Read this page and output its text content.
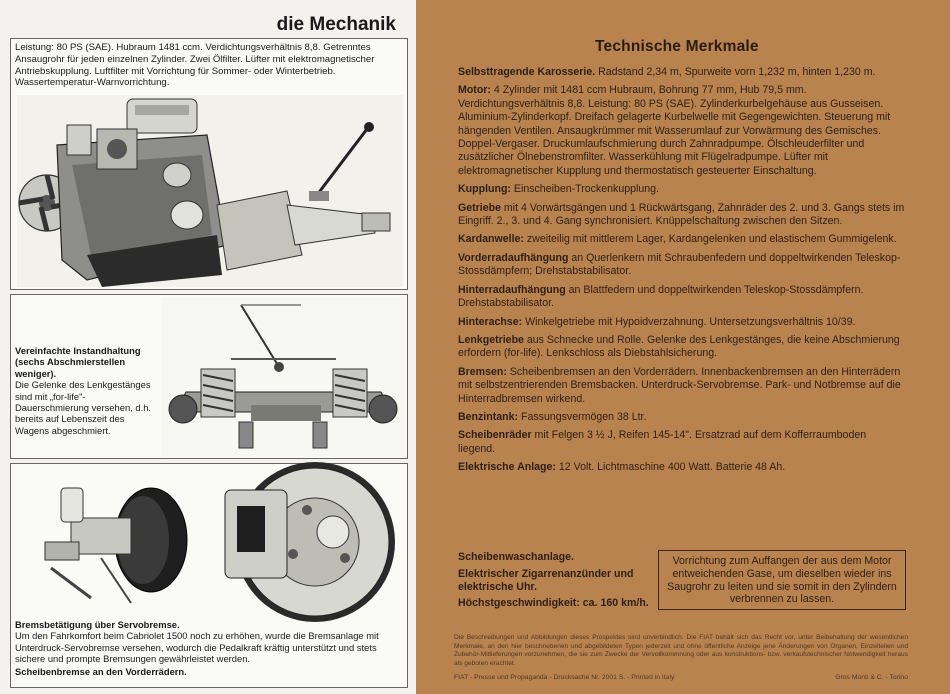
die Mechanik
Leistung: 80 PS (SAE). Hubraum 1481 ccm. Verdichtungsverhältnis 8,8. Getrenntes Ansaugrohr für jeden einzelnen Zylinder. Zwei Ölfilter. Lüfter mit elektromagnetischer Antriebskupplung. Luftfilter mit Vorrichtung für Sommer- oder Winterbetrieb. Wassertemperatur-Warnvorrichtung.
Vereinfachte Instandhaltung (sechs Abschmierstellen weniger).
Die Gelenke des Lenkgestänges sind mit „for-life"-Dauerschmierung versehen, d.h. bereits auf Lebenszeit des Wagens abgeschmiert.
Bremsbetätigung über Servobremse.
Um den Fahrkomfort beim Cabriolet 1500 noch zu erhöhen, wurde die Bremsanlage mit Unterdruck-Servobremse versehen, wodurch die Pedalkraft kräftig unterstützt und stets sichere und prompte Bremsungen gewährleistet werden.
Scheibenbremse an den Vorderrädern.
Technische Merkmale
Selbsttragende Karosserie. Radstand 2,34 m, Spurweite vorn 1,232 m, hinten 1,230 m.
Motor: 4 Zylinder mit 1481 ccm Hubraum, Bohrung 77 mm, Hub 79,5 mm. Verdichtungsverhältnis 8,8. Leistung: 80 PS (SAE). Zylinderkurbelgehäuse aus Gusseisen. Aluminium-Zylinderkopf. Dreifach gelagerte Kurbelwelle mit Gegengewichten. Steuerung mit hängenden Ventilen. Ansaugkrümmer mit Wasserumlauf zur Vorwärmung des Gemisches. Doppel-Vergaser. Druckumlaufschmierung durch Zahnradpumpe. Ölschleuderfilter und zusätzlicher Ölnebenstromfilter. Wasserkühlung mit Flügelradpumpe. Lüfter mit elektromagnetischer Kupplung und thermostatisch gesteuerter Einschaltung.
Kupplung: Einscheiben-Trockenkupplung.
Getriebe mit 4 Vorwärtsgängen und 1 Rückwärtsgang, Zahnräder des 2. und 3. Gangs stets im Eingriff. 2., 3. und 4. Gang synchronisiert. Knüppelschaltung zwischen den Sitzen.
Kardanwelle: zweiteilig mit mittlerem Lager, Kardangelenken und elastischem Gummigelenk.
Vorderradaufhängung an Querlenkern mit Schraubenfedern und doppeltwirkenden Teleskop-Stossdämpfern; Drehstabstabilisator.
Hinterradaufhängung an Blattfedern und doppeltwirkenden Teleskop-Stossdämpfern. Drehstabstabilisator.
Hinterachse: Winkelgetriebe mit Hypoidverzahnung. Untersetzungsverhältnis 10/39.
Lenkgetriebe aus Schnecke und Rolle. Gelenke des Lenkgestänges, die keine Abschmierung erfordern (for-life). Lenkschloss als Diebstahlsicherung.
Bremsen: Scheibenbremsen an den Vorderrädern. Innenbackenbremsen an den Hinterrädern mit selbstzentrierenden Bremsbacken. Unterdruck-Servobremse. Park- und Notbremse auf die Hinterradbremsen wirkend.
Benzintank: Fassungsvermögen 38 Ltr.
Scheibenräder mit Felgen 3 ½ J, Reifen 145-14". Ersatzrad auf dem Kofferraumboden liegend.
Elektrische Anlage: 12 Volt. Lichtmaschine 400 Watt. Batterie 48 Ah.
Scheibenwaschanlage.
Elektrischer Zigarrenanzünder und elektrische Uhr.
Höchstgeschwindigkeit: ca. 160 km/h.
Vorrichtung zum Auffangen der aus dem Motor entweichenden Gase, um dieselben wieder ins Saugrohr zu leiten und sie somit in den Zylindern verbrennen zu lassen.
Die Beschreibungen und Abbildungen dieses Prospektes sind unverbindlich. Die FIAT behält sich das Recht vor, unter Beibehaltung der wesentlichen Merkmale, an den hier beschriebenen und abgebildeten Typen jederzeit und ohne öffentliche Anzeige jene Änderungen von Organen, Einzelteilen und Zubehör-Mitlieferungen vorzunehmen, die sie zum Zwecke der Vervollkommnung oder aus konstruktions- bzw. verkaufstechnischer Notwendigkeit heraus als geboten erachtet.
FIAT - Presse und Propaganda - Drucksache Nr. 2001 S. - Printed in Italy	Gros Monti & C. - Torino
